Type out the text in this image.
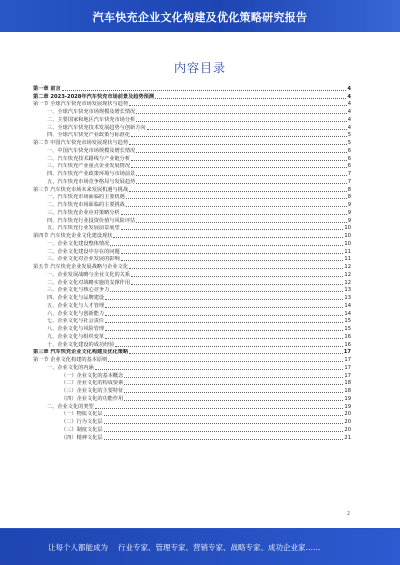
汽车快充企业文化构建及优化策略研究报告
内容目录
第一章 前言	4
第二章 2023-2028年汽车快充市场前景及趋势预测	4
第一节 全球汽车快充市场发展现状与趋势	4
一、全球汽车快充市场规模及增长情况	4
二、主要国家和地区汽车快充市场分析	4
三、全球汽车快充技术发展趋势与创新方向	4
四、全球汽车快充产业政策与标准化	5
第二节 中国汽车快充市场发展现状与趋势	5
一、中国汽车快充市场规模及增长情况	6
二、汽车快充技术路线与产业链分析	6
三、汽车快充产业重点企业发展情况	6
四、汽车快充产业政策环境与市场前景	7
五、汽车快充市场竞争格局与发展趋势	7
第三节 汽车快充市场未来发展机遇与挑战	8
一、汽车快充市场面临的主要机遇	8
二、汽车快充市场面临的主要挑战	9
三、汽车快充企业应对策略分析	9
四、汽车快充行业投资价值与风险评估	9
五、汽车快充行业发展前景展望	10
第四节 汽车快充企业文化建设现状	10
一、企业文化建设整体情况	10
二、企业文化建设中存在的问题	11
三、企业文化对企业发展的影响	11
第五节 汽车快充企业发展战略与企业文化	12
一、企业发展战略与企业文化的关系	12
二、企业文化对战略实施的支撑作用	12
三、企业文化与核心竞争力	13
四、企业文化与品牌建设	13
五、企业文化与人才管理	14
六、企业文化与创新能力	14
七、企业文化与社会责任	15
八、企业文化与风险管理	15
九、企业文化与组织变革	16
十、企业文化建设的成功经验	16
第三章 汽车快充企业文化构建及优化策略	17
第一节 企业文化构建的基本原则	17
一、企业文化的内涵	17
（一）企业文化的基本概念	17
（二）企业文化的构成要素	18
（三）企业文化的主要特征	18
（四）企业文化的功能作用	19
二、企业文化的类型	19
（一）物质文化层	20
（二）行为文化层	20
（三）制度文化层	20
（四）精神文化层	21
2
让每个人都能成为 行业专家、管理专家、营销专家、战略专家、成功企业家……
